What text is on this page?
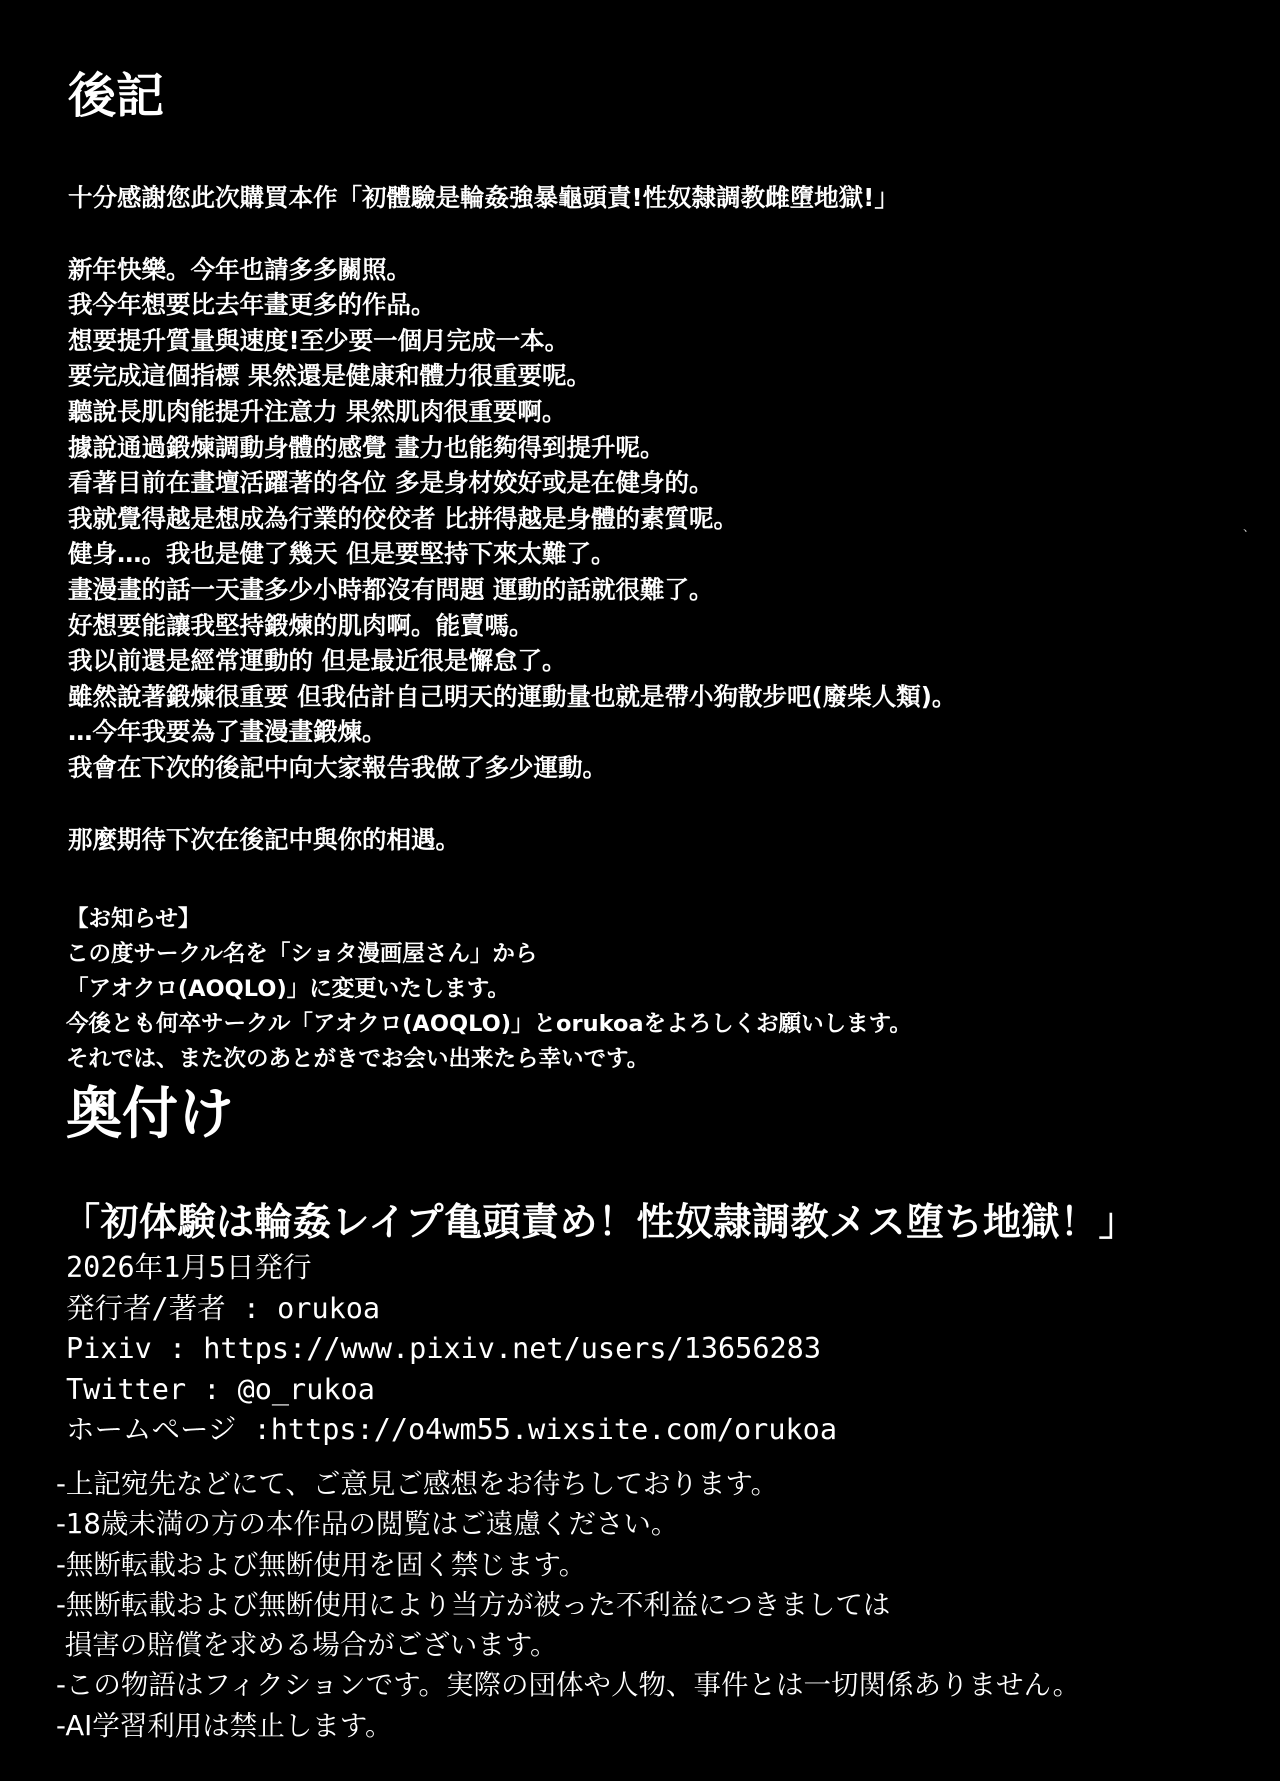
後記

十分感謝您此次購買本作「初體驗是輪姦強暴龜頭責!性奴隸調教雌墮地獄!」

新年快樂。今年也請多多關照。

我今年想要比去年畫更多的作品。

想要提升質量與速度!至少要一個月完成一本。

要完成這個指標 果然還是健康和體力很重要呢。

聽說長肌肉能提升注意力 果然肌肉很重要啊。

據說通過鍛煉調動身體的感覺 畫力也能夠得到提升呢。

看著目前在畫壇活躍著的各位 多是身材姣好或是在健身的。

我就覺得越是想成為行業的佼佼者 比拼得越是身體的素質呢。

健身…。我也是健了幾天 但是要堅持下來太難了。

畫漫畫的話一天畫多少小時都沒有問題 運動的話就很難了。

好想要能讓我堅持鍛煉的肌肉啊。能賣嗎。

我以前還是經常運動的 但是最近很是懈怠了。

雖然說著鍛煉很重要 但我估計自己明天的運動量也就是帶小狗散步吧(廢柴人類)。

…今年我要為了畫漫畫鍛煉。

我會在下次的後記中向大家報告我做了多少運動。

那麼期待下次在後記中與你的相遇。

、

【お知らせ】

この度サークル名を「ショタ漫画屋さん」から

「アオクロ(AOQLO)」に変更いたします。

今後とも何卒サークル「アオクロ(AOQLO)」とorukoaをよろしくお願いします。

それでは、また次のあとがきでお会い出来たら幸いです。

奥付け
「初体験は輪姦レイプ亀頭責め！性奴隷調教メス堕ち地獄！」

2026年1月5日発行

発行者/著者 : orukoa

Pixiv : https://www.pixiv.net/users/13656283

Twitter : @o_rukoa

ホームページ :https://o4wm55.wixsite.com/orukoa

-上記宛先などにて、ご意見ご感想をお待ちしております。

-18歳未満の方の本作品の閲覧はご遠慮ください。

-無断転載および無断使用を固く禁じます。

-無断転載および無断使用により当方が被った不利益につきましては

損害の賠償を求める場合がございます。

-この物語はフィクションです。実際の団体や人物、事件とは一切関係ありません。

-AI学習利用は禁止します。
